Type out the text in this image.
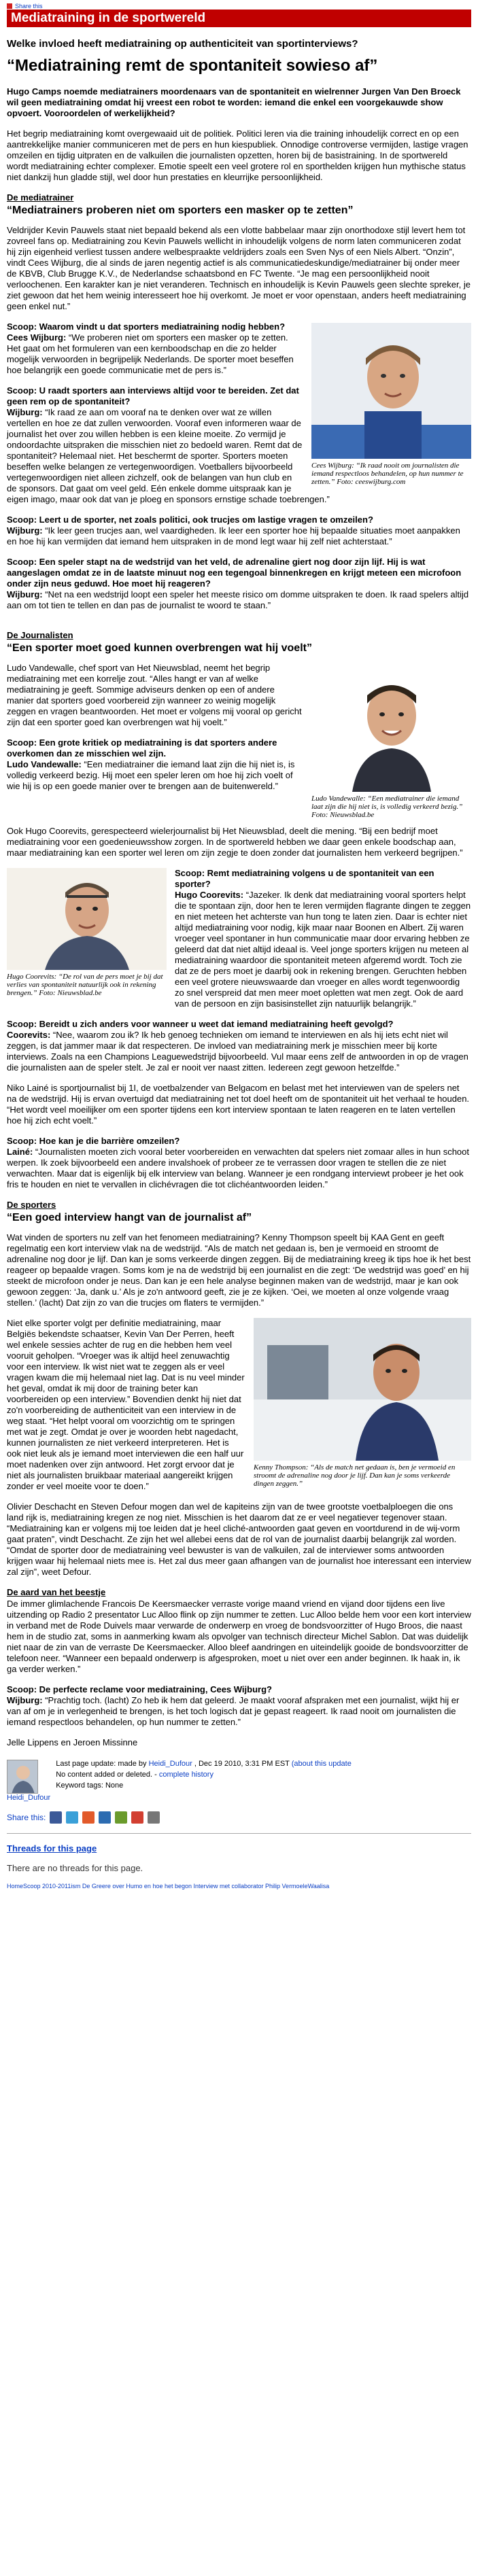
Share this
Mediatraining in de sportwereld
Welke invloed heeft mediatraining op authenticiteit van sportinterviews?
“Mediatraining remt de spontaniteit sowieso af”

Hugo Camps noemde mediatrainers moordenaars van de spontaniteit en wielrenner Jurgen Van Den Broeck wil geen mediatraining omdat hij vreest een robot te worden: iemand die enkel een voorgekauwde show opvoert. Vooroordelen of werkelijkheid?

Het begrip mediatraining komt overgewaaid uit de politiek. Politici leren via die training inhoudelijk correct en op een aantrekkelijke manier communiceren met de pers en hun kiespubliek. Onnodige controverse vermijden, lastige vragen omzeilen en tijdig uitpraten en de valkuilen die journalisten opzetten, horen bij de basistraining. In de sportwereld wordt mediatraining echter complexer. Emotie speelt een veel grotere rol en sporthelden krijgen hun mythische status niet dankzij hun gladde stijl, wel door hun prestaties en kleurrijke persoonlijkheid.

De mediatrainer
“Mediatrainers proberen niet om sporters een masker op te zetten”

Veldrijder Kevin Pauwels staat niet bepaald bekend als een vlotte babbelaar maar zijn onorthodoxe stijl levert hem tot zovreel fans op. Mediatraining zou Kevin Pauwels wellicht in inhoudelijk volgens de norm laten communiceren zodat hij zijn eigenheid verliest tussen andere welbespraakte veldrijders zoals een Sven Nys of een Niels Albert. “Onzin”, vindt Cees Wijburg, die al sinds de jaren negentig actief is als communicatiedeskundige/mediatrainer bij onder meer de KBVB, Club Brugge K.V., de Nederlandse schaatsbond en FC Twente. “Je mag een persoonlijkheid nooit verloochenen. Een karakter kan je niet veranderen. Technisch en inhoudelijk is Kevin Pauwels geen slechte spreker, je ziet gewoon dat het hem weinig interesseert hoe hij overkomt. Je moet er voor openstaan, anders heeft mediatraining geen enkel nut.”

Cees Wijburg: “Ik raad nooit om journalisten die iemand respectloos behandelen, op hun nummer te zetten.” Foto: ceeswijburg.com

Scoop: Waarom vindt u dat sporters mediatraining nodig hebben?
Cees Wijburg: “We proberen niet om sporters een masker op te zetten. Het gaat om het formuleren van een kernboodschap en die zo helder mogelijk verwoorden in begrijpelijk Nederlands. De sporter moet beseffen hoe belangrijk een goede communicatie met de pers is.”

Scoop: U raadt sporters aan interviews altijd voor te bereiden. Zet dat geen rem op de spontaniteit?
Wijburg: “Ik raad ze aan om vooraf na te denken over wat ze willen vertellen en hoe ze dat zullen verwoorden. Vooraf even informeren waar de journalist het over zou willen hebben is een kleine moeite. Zo vermijd je ondoordachte uitspraken die misschien niet zo bedoeld waren. Remt dat de spontaniteit? Helemaal niet. Het beschermt de sporter. Sporters moeten beseffen welke belangen ze vertegenwoordigen. Voetballers bijvoorbeeld vertegenwoordigen niet alleen zichzelf, ook de belangen van hun club en de sponsors. Dat gaat om veel geld. Eén enkele domme uitspraak kan je eigen imago, maar ook dat van je ploeg en sponsors ernstige schade toebrengen.”

Scoop: Leert u de sporter, net zoals politici, ook trucjes om lastige vragen te omzeilen?
Wijburg: “Ik leer geen trucjes aan, wel vaardigheden. Ik leer een sporter hoe hij bepaalde situaties moet aanpakken en hoe hij kan vermijden dat iemand hem uitspraken in de mond legt waar hij zelf niet achterstaat.”

Scoop: Een speler stapt na de wedstrijd van het veld, de adrenaline giert nog door zijn lijf. Hij is wat aangeslagen omdat ze in de laatste minuut nog een tegengoal binnenkregen en krijgt meteen een microfoon onder zijn neus geduwd. Hoe moet hij reageren?
Wijburg: “Net na een wedstrijd loopt een speler het meeste risico om domme uitspraken te doen. Ik raad spelers altijd aan om tot tien te tellen en dan pas de journalist te woord te staan.”

De Journalisten
“Een sporter moet goed kunnen overbrengen wat hij voelt”
Ludo Vandewalle: “Een mediatrainer die iemand laat zijn die hij niet is, is volledig verkeerd bezig.” Foto: Nieuwsblad.be

Ludo Vandewalle, chef sport van Het Nieuwsblad, neemt het begrip mediatraining met een korrelje zout. “Alles hangt er van af welke mediatraining je geeft. Sommige adviseurs denken op een of andere manier dat sporters goed voorbereid zijn wanneer zo weinig mogelijk zeggen en vragen beantwoorden. Het moet er volgens mij vooral op gericht zijn dat een sporter goed kan overbrengen wat hij voelt.”

Scoop: Een grote kritiek op mediatraining is dat sporters andere overkomen dan ze misschien wel zijn.
Ludo Vandewalle: “Een mediatrainer die iemand laat zijn die hij niet is, is volledig verkeerd bezig. Hij moet een speler leren om hoe hij zich voelt of wie hij is op een goede manier over te brengen aan de buitenwereld.”

Ook Hugo Coorevits, gerespecteerd wielerjournalist bij Het Nieuwsblad, deelt die mening. “Bij een bedrijf moet mediatraining voor een goedenieuwsshow zorgen. In de sportwereld hebben we daar geen enkele boodschap aan, maar mediatraining kan een sporter wel leren om zijn zegje te doen zonder dat journalisten hem verkeerd begrijpen.”

Hugo Coorevits: “De rol van de pers moet je bij dat verlies van spontaniteit natuurlijk ook in rekening brengen.” Foto: Nieuwsblad.be

Scoop: Remt mediatraining volgens u de spontaniteit van een sporter?
Hugo Coorevits: “Jazeker. Ik denk dat mediatraining vooral sporters helpt die te spontaan zijn, door hen te leren vermijden flagrante dingen te zeggen en niet meteen het achterste van hun tong te laten zien. Daar is echter niet altijd mediatraining voor nodig, kijk maar naar Boonen en Albert. Zij waren vroeger veel spontaner in hun communicatie maar door ervaring hebben ze geleerd dat dat niet altijd ideaal is. Veel jonge sporters krijgen nu meteen al mediatraining waardoor die spontaniteit meteen afgeremd wordt. Toch zie dat ze de pers moet je daarbij ook in rekening brengen. Geruchten hebben een veel grotere nieuwswaarde dan vroeger en alles wordt tegenwoordig zo snel verspreid dat men meer moet opletten wat men zegt. Ook de aard van de persoon en zijn basisinstellet zijn natuurlijk belangrijk.”

Scoop: Bereidt u zich anders voor wanneer u weet dat iemand mediatraining heeft gevolgd?
Coorevits: “Nee, waarom zou ik? Ik heb genoeg technieken om iemand te interviewen en als hij iets echt niet wil zeggen, is dat jammer maar ik dat respecteren. De invloed van mediatraining merk je misschien meer bij korte interviews. Zoals na een Champions Leaguewedstrijd bijvoorbeeld. Vul maar eens zelf de antwoorden in op de vragen die journalisten aan de speler stelt. Je zal er nooit ver naast zitten. Iedereen zegt gewoon hetzelfde.”

Niko Lainé is sportjournalist bij 1I, de voetbalzender van Belgacom en belast met het interviewen van de spelers net na de wedstrijd. Hij is ervan overtuigd dat mediatraining net tot doel heeft om de spontaniteit uit het verhaal te houden. “Het wordt veel moeilijker om een sporter tijdens een kort interview spontaan te laten reageren en te laten vertellen hoe hij zich echt voelt.”

Scoop: Hoe kan je die barrière omzeilen?
Lainé: “Journalisten moeten zich vooral beter voorbereiden en verwachten dat spelers niet zomaar alles in hun schoot werpen. Ik zoek bijvoorbeeld een andere invalshoek of probeer ze te verrassen door vragen te stellen die ze niet verwachten. Maar dat is eigenlijk bij elk interview van belang. Wanneer je een rondgang interviewt probeer je het ook fris te houden en niet te vervallen in clichévragen die tot clichéantwoorden leiden.”

De sporters
“Een goed interview hangt van de journalist af”

Wat vinden de sporters nu zelf van het fenomeen mediatraining? Kenny Thompson speelt bij KAA Gent en geeft regelmatig een kort interview vlak na de wedstrijd. “Als de match net gedaan is, ben je vermoeid en stroomt de adrenaline nog door je lijf. Dan kan je soms verkeerde dingen zeggen. Bij de mediatraining kreeg ik tips hoe ik het best reageer op bepaalde vragen. Soms kom je na de wedstrijd bij een journalist en die zegt: ‘De wedstrijd was goed’ en hij steekt de microfoon onder je neus. Dan kan je een hele analyse beginnen maken van de wedstrijd, maar je kan ook gewoon zeggen: ‘Ja, dank u.’ Als je zo'n antwoord geeft, zie je ze kijken. ‘Oei, we moeten al onze volgende vraag stellen.’ (lacht) Dat zijn zo van die trucjes om flaters te vermijden.”

Kenny Thompson: “Als de match net gedaan is, ben je vermoeid en stroomt de adrenaline nog door je lijf. Dan kan je soms verkeerde dingen zeggen.”

Niet elke sporter volgt per definitie mediatraining, maar Belgiës bekendste schaatser, Kevin Van Der Perren, heeft wel enkele sessies achter de rug en die hebben hem veel vooruit geholpen. “Vroeger was ik altijd heel zenuwachtig voor een interview. Ik wist niet wat te zeggen als er veel vragen kwam die mij helemaal niet lag. Dat is nu veel minder het geval, omdat ik mij door de training beter kan voorbereiden op een interview.” Bovendien denkt hij niet dat zo'n voorbereiding de authenticiteit van een interview in de weg staat. “Het helpt vooral om voorzichtig om te springen met wat je zegt. Omdat je over je woorden hebt nagedacht, kunnen journalisten ze niet verkeerd interpreteren. Het is ook niet leuk als je iemand moet interviewen die een half uur moet nadenken over zijn antwoord. Het zorgt ervoor dat je niet als journalisten bruikbaar materiaal aangereikt krijgen zonder er veel moeite voor te doen.”

Olivier Deschacht en Steven Defour mogen dan wel de kapiteins zijn van de twee grootste voetbalploegen die ons land rijk is, mediatraining kregen ze nog niet. Misschien is het daarom dat ze er veel negatiever tegenover staan. “Mediatraining kan er volgens mij toe leiden dat je heel cliché-antwoorden gaat geven en voortdurend in de wij-vorm gaat praten”, vindt Deschacht. Ze zijn het wel allebei eens dat de rol van de journalist daarbij belangrijk zal worden. “Omdat de sporter door de mediatraining veel bewuster is van de valkuilen, zal de interviewer soms antwoorden krijgen waar hij helemaal niets mee is. Het zal dus meer gaan afhangen van de journalist hoe interessant een interview zal zijn”, weet Defour.

De aard van het beestje

De immer glimlachende Francois De Keersmaecker verraste vorige maand vriend en vijand door tijdens een live uitzending op Radio 2 presentator Luc Alloo flink op zijn nummer te zetten. Luc Alloo belde hem voor een kort interview in verband met de Rode Duivels maar verwarde de onderwerp en vroeg de bondsvoorzitter of Hugo Broos, die naast hem in de studio zat, soms in aanmerking kwam als opvolger van technisch directeur Michel Sablon. Dat was duidelijk niet naar de zin van de verraste De Keersmaecker. Alloo bleef aandringen en uiteindelijk gooide de bondsvoorzitter de telefoon neer. “Wanneer een bepaald onderwerp is afgesproken, moet u niet over een ander beginnen. Ik haak in, ik ga verder werken.”

Scoop: De perfecte reclame voor mediatraining, Cees Wijburg?
Wijburg: “Prachtig toch. (lacht) Zo heb ik hem dat geleerd. Je maakt vooraf afspraken met een journalist, wijkt hij er van af om je in verlegenheid te brengen, is het toch logisch dat je gepast reageert. Ik raad nooit om journalisten die iemand respectloos behandelen, op hun nummer te zetten.”

Jelle Lippens en Jeroen Missinne
Heidi_Dufour
Last page update: made by Heidi_Dufour , Dec 19 2010, 3:31 PM EST (about this update
No content added or deleted. - complete history
Keyword tags: None
Share this:
Threads for this page
There are no threads for this page.
HomeScoop 2010-2011ism De Greere over Humo en hoe het begon Interview met collaborator Philip VermoeleWaalisa
